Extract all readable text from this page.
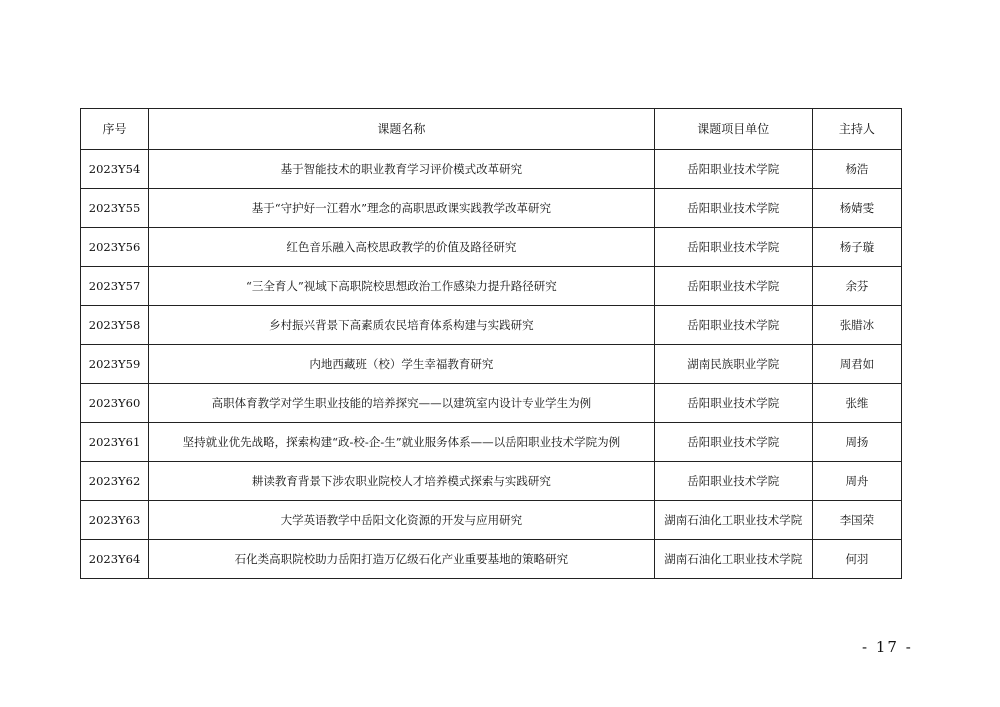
序号	课题名称	课题项目单位	主持人
2023Y54	基于智能技术的职业教育学习评价模式改革研究	岳阳职业技术学院	杨浩
2023Y55	基于“守护好一江碧水”理念的高职思政课实践教学改革研究	岳阳职业技术学院	杨婧雯
2023Y56	红色音乐融入高校思政教学的价值及路径研究	岳阳职业技术学院	杨子璇
2023Y57	“三全育人”视域下高职院校思想政治工作感染力提升路径研究	岳阳职业技术学院	余芬
2023Y58	乡村振兴背景下高素质农民培育体系构建与实践研究	岳阳职业技术学院	张腊冰
2023Y59	内地西藏班（校）学生幸福教育研究	湖南民族职业学院	周君如
2023Y60	高职体育教学对学生职业技能的培养探究——以建筑室内设计专业学生为例	岳阳职业技术学院	张维
2023Y61	坚持就业优先战略，探索构建“政-校-企-生”就业服务体系——以岳阳职业技术学院为例	岳阳职业技术学院	周扬
2023Y62	耕读教育背景下涉农职业院校人才培养模式探索与实践研究	岳阳职业技术学院	周舟
2023Y63	大学英语教学中岳阳文化资源的开发与应用研究	湖南石油化工职业技术学院	李国荣
2023Y64	石化类高职院校助力岳阳打造万亿级石化产业重要基地的策略研究	湖南石油化工职业技术学院	何羽
- 17 -
